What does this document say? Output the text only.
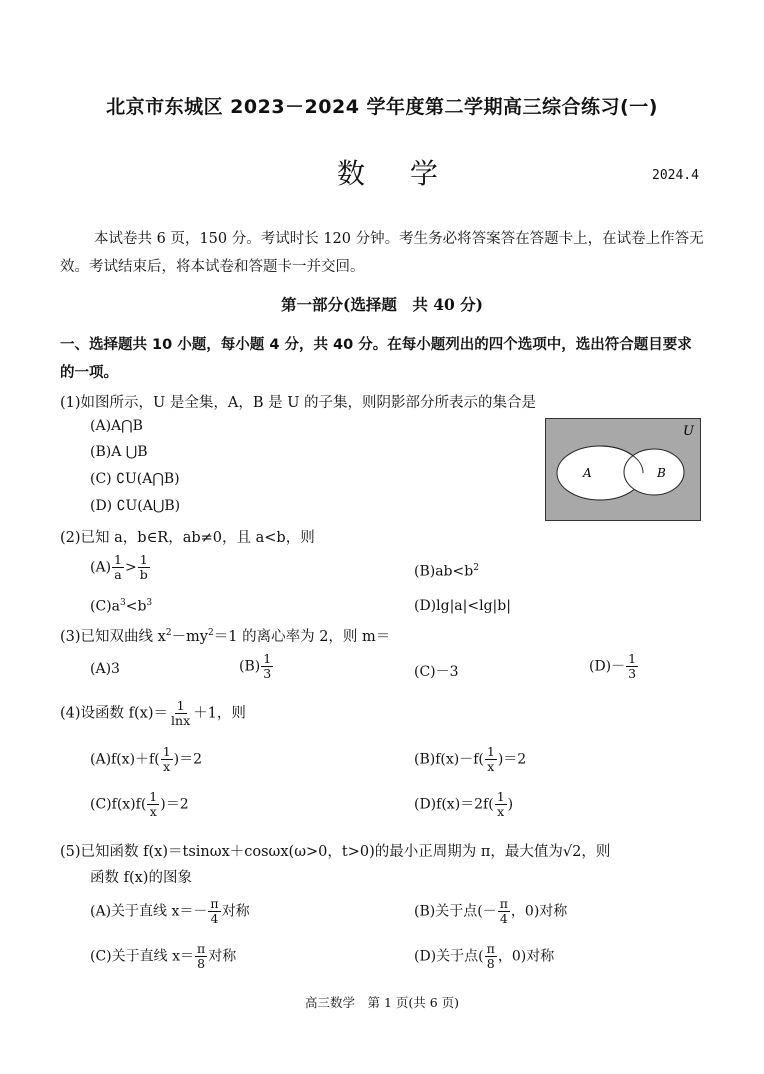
北京市东城区 2023－2024 学年度第二学期高三综合练习(一)
数 学	2024.4
本试卷共 6 页，150 分。考试时长 120 分钟。考生务必将答案答在答题卡上，在试卷上作答无效。考试结束后，将本试卷和答题卡一并交回。
第一部分(选择题　共 40 分)
一、选择题共 10 小题，每小题 4 分，共 40 分。在每小题列出的四个选项中，选出符合题目要求的一项。
(1)如图所示，U 是全集，A，B 是 U 的子集，则阴影部分所表示的集合是
(A)A⋂B
(B)A ⋃B
(C) ∁U(A⋂B)
(D) ∁U(A⋃B)
U
A	B
(2)已知 a，b∈R，ab≠0，且 a<b，则
$(A) \frac{1}{a} > \frac{1}{b}$	$(B)ab<b^2$
$(C)a^3<b^3$	(D)lg|a|<lg|b|
(3)已知双曲线 $x^2-my^2=1$ 的离心率为 2，则 m＝
(A)3	$(B) \frac{1}{3}$	(C)－3	$(D)- \frac{1}{3}$
(4)设函数 $f(x)= \frac{1}{\ln x} +1$，则
$(A)f(x)+f( \frac{1}{x} )=2$	$(B)f(x)-f( \frac{1}{x} )=2$
$(C)f(x)f( \frac{1}{x} )=2$	$(D)f(x)=2f( \frac{1}{x}$ )
(5)已知函数 f(x)＝tsinωx＋cosωx(ω>0，t>0)的最小正周期为 π，最大值为√2，则
函数 f(x)的图象
(A)关于直线 $x=- \frac{\pi}{4}$ 对称	(B)关于点(－ $\frac{\pi}{4}$ ，0)对称
(C)关于直线 $x= \frac{\pi}{8}$ 对称	(D)关于点( $\frac{\pi}{8}$ ，0)对称
高三数学　第 1 页(共 6 页)
